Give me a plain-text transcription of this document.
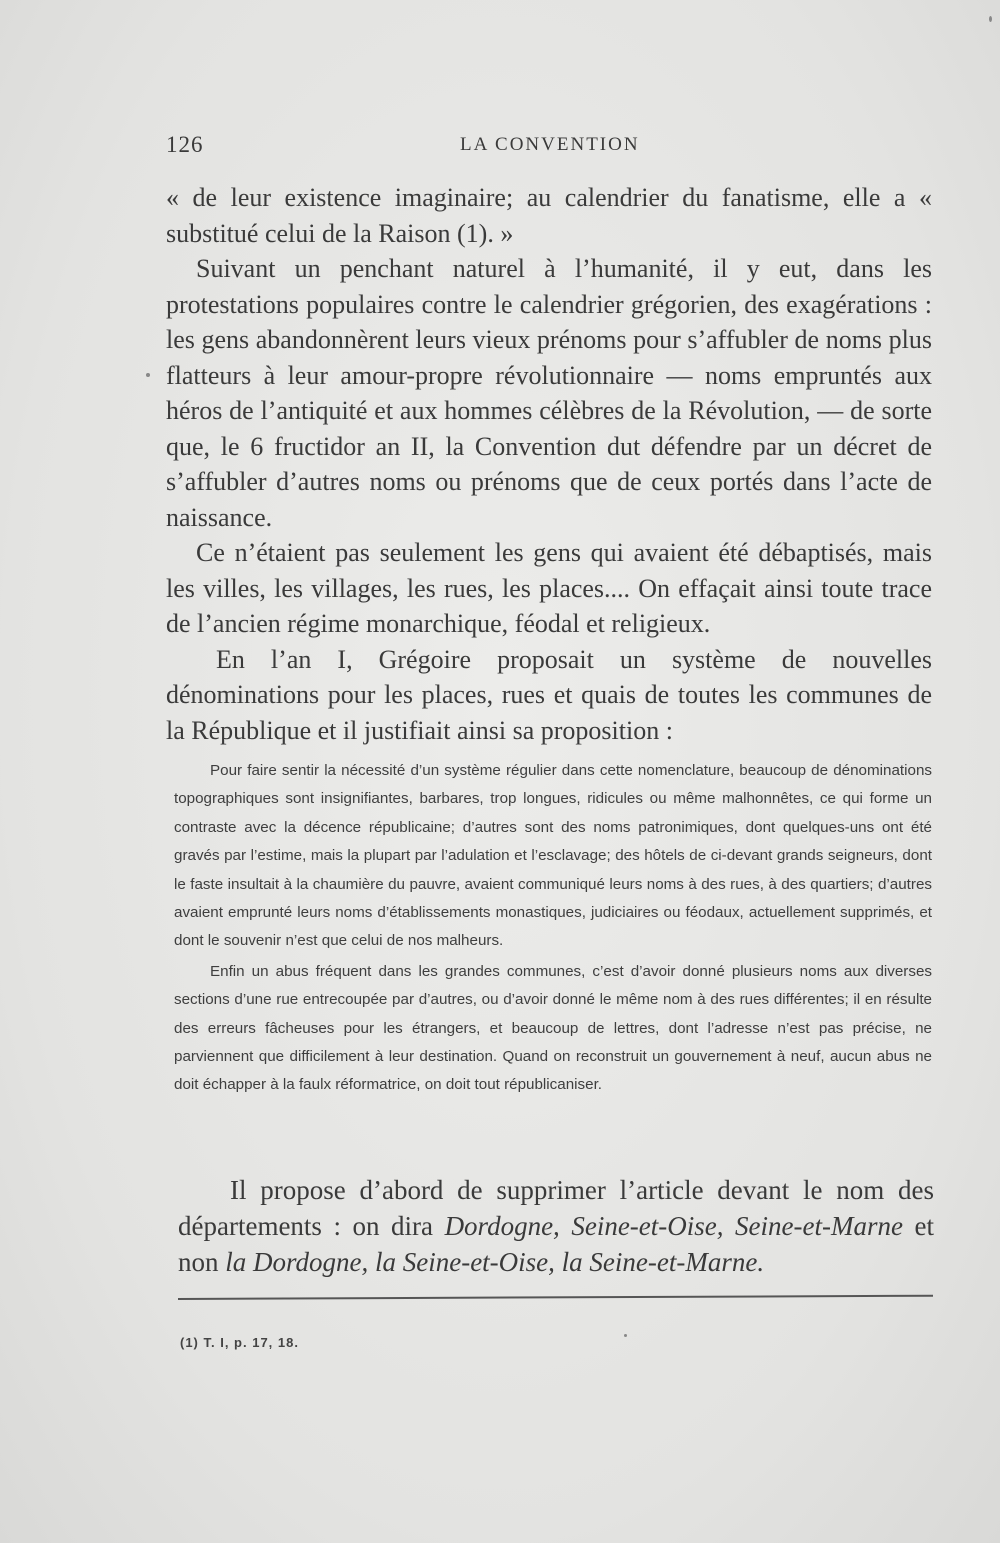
126	LA CONVENTION

« de leur existence imaginaire; au calendrier du fanatisme, elle a « substitué celui de la Raison (1). »

Suivant un penchant naturel à l’humanité, il y eut, dans les protestations populaires contre le calendrier grégorien, des exagérations : les gens abandonnèrent leurs vieux prénoms pour s’affubler de noms plus flatteurs à leur amour-propre révolutionnaire — noms empruntés aux héros de l’antiquité et aux hommes célèbres de la Révolution, — de sorte que, le 6 fructidor an II, la Convention dut défendre par un décret de s’affubler d’autres noms ou prénoms que de ceux portés dans l’acte de naissance.

Ce n’étaient pas seulement les gens qui avaient été débaptisés, mais les villes, les villages, les rues, les places.... On effaçait ainsi toute trace de l’ancien régime monarchique, féodal et religieux.

En l’an I, Grégoire proposait un système de nouvelles dénominations pour les places, rues et quais de toutes les communes de la République et il justifiait ainsi sa proposition :

Pour faire sentir la nécessité d’un système régulier dans cette nomenclature, beaucoup de dénominations topographiques sont insignifiantes, barbares, trop longues, ridicules ou même malhonnêtes, ce qui forme un contraste avec la décence républicaine; d’autres sont des noms patronimiques, dont quelques-uns ont été gravés par l’estime, mais la plupart par l’adulation et l’esclavage; des hôtels de ci-devant grands seigneurs, dont le faste insultait à la chaumière du pauvre, avaient communiqué leurs noms à des rues, à des quartiers; d’autres avaient emprunté leurs noms d’établissements monastiques, judiciaires ou féodaux, actuellement supprimés, et dont le souvenir n’est que celui de nos malheurs.

Enfin un abus fréquent dans les grandes communes, c’est d’avoir donné plusieurs noms aux diverses sections d’une rue entrecoupée par d’autres, ou d’avoir donné le même nom à des rues différentes; il en résulte des erreurs fâcheuses pour les étrangers, et beaucoup de lettres, dont l’adresse n’est pas précise, ne parviennent que difficilement à leur destination. Quand on reconstruit un gouvernement à neuf, aucun abus ne doit échapper à la faulx réformatrice, on doit tout républicaniser.

Il propose d’abord de supprimer l’article devant le nom des départements : on dira Dordogne, Seine-et-Oise, Seine-et-Marne et non la Dordogne, la Seine-et-Oise, la Seine-et-Marne.

(1) T. I, p. 17, 18.
